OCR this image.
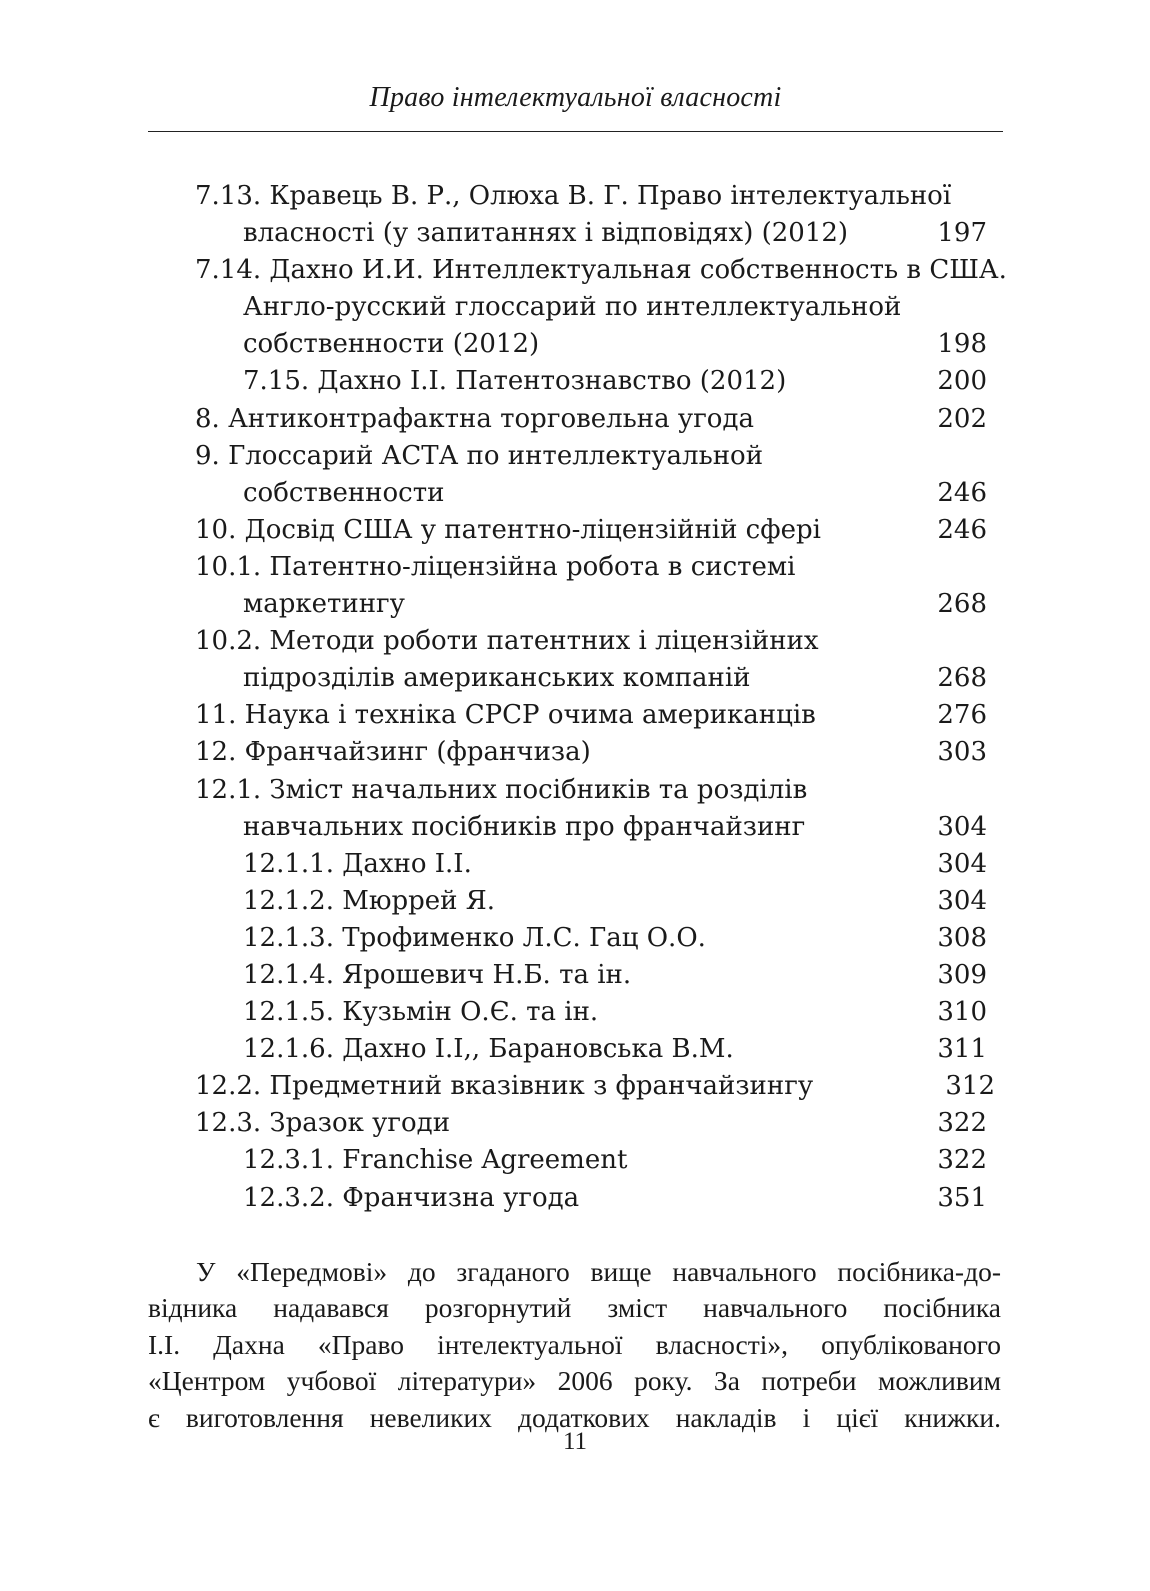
Право інтелектуальної власності
7.13. Кравець В. Р., Олюха В. Г. Право інтелектуальної
власності (у запитаннях і відповідях) (2012)	197
7.14. Дахно И.И. Интеллектуальная собственность в США.
Англо-русский глоссарий по интеллектуальной
собственности (2012)	198
7.15. Дахно І.І. Патентознавство (2012)	200
8. Антиконтрафактна торговельна угода	202
9. Глоссарий АСТА по интеллектуальной
собственности	246
10. Досвід США у патентно-ліцензійній сфері	246
10.1. Патентно-ліцензійна робота в системі
маркетингу	268
10.2. Методи роботи патентних і ліцензійних
підрозділів американських компаній	268
11. Наука і техніка СРСР очима американців	276
12. Франчайзинг (франчиза)	303
12.1. Зміст начальних посібників та розділів
навчальних посібників про франчайзинг	304
12.1.1. Дахно І.І.	304
12.1.2. Мюррей Я.	304
12.1.3. Трофименко Л.С. Гац О.О.	308
12.1.4. Ярошевич Н.Б. та ін.	309
12.1.5. Кузьмін О.Є. та ін.	310
12.1.6. Дахно І.І,, Барановська В.М.	311
12.2. Предметний вказівник з франчайзингу	312
12.3. Зразок угоди	322
12.3.1. Franchise Agreement	322
12.3.2. Франчизна угода	351
У «Передмові» до згаданого вище навчального посібника-до-
відника надавався розгорнутий зміст навчального посібника
І.І. Дахна «Право інтелектуальної власності», опублікованого
«Центром учбової літератури» 2006 року. За потреби можливим
є виготовлення невеликих додаткових накладів і цієї книжки.
11
